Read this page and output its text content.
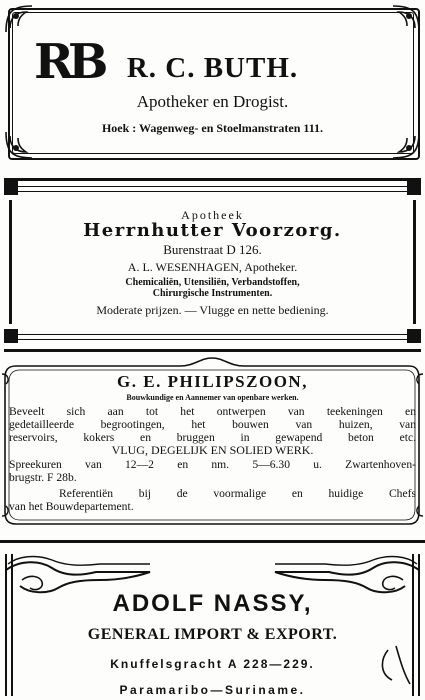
RB R. C. BUTH.
Apotheker en Drogist.
Hoek : Wagenweg- en Stoelmanstraten 111.
Apotheek
Herrnhutter Voorzorg.
Burenstraat D 126.
A. L. WESENHAGEN, Apotheker.
Chemicaliën, Utensiliën, Verbandstoffen,
Chirurgische Instrumenten.
Moderate prijzen. — Vlugge en nette bediening.
G. E. PHILIPSZOON,
Bouwkundige en Aannemer van openbare werken.
Beveelt sich aan tot het ontwerpen van teekeningen en
gedetailleerde begrootingen, het bouwen van huizen, van
reservoirs, kokers en bruggen in gewapend beton etc.
VLUG, DEGELIJK EN SOLIED WERK.
Spreekuren van 12—2 en nm. 5—6.30 u. Zwartenhoven-
brugstr. F 28b.
Referentiën bij de voormalige en huidige Chefs
van het Bouwdepartement.
ADOLF NASSY,
GENERAL IMPORT & EXPORT.
Knuffelsgracht A 228—229.
Paramaribo—Suriname.
